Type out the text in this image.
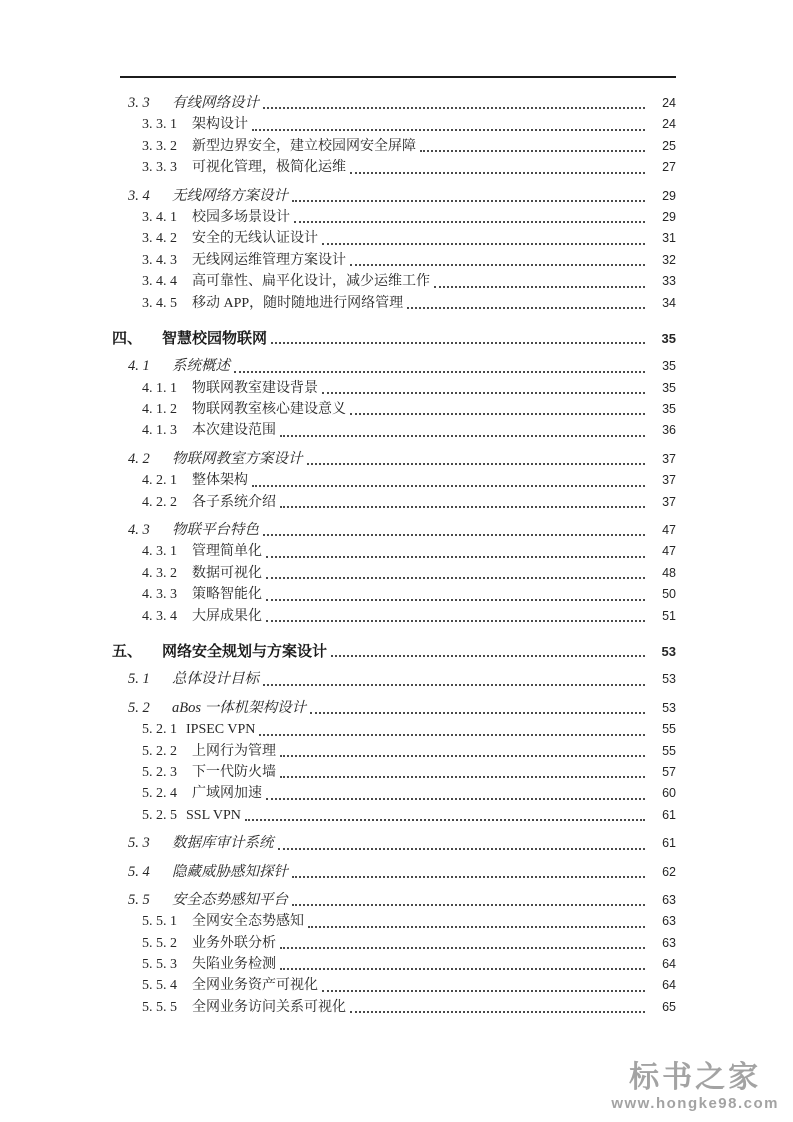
3. 3	有线网络设计	24
3. 3. 1	架构设计	24
3. 3. 2	新型边界安全，建立校园网安全屏障	25
3. 3. 3	可视化管理，极简化运维	27
3. 4	无线网络方案设计	29
3. 4. 1	校园多场景设计	29
3. 4. 2	安全的无线认证设计	31
3. 4. 3	无线网运维管理方案设计	32
3. 4. 4	高可靠性、扁平化设计，减少运维工作	33
3. 4. 5	移动 APP，随时随地进行网络管理	34
四、	智慧校园物联网	35
4. 1	系统概述	35
4. 1. 1	物联网教室建设背景	35
4. 1. 2	物联网教室核心建设意义	35
4. 1. 3	本次建设范围	36
4. 2	物联网教室方案设计	37
4. 2. 1	整体架构	37
4. 2. 2	各子系统介绍	37
4. 3	物联平台特色	47
4. 3. 1	管理简单化	47
4. 3. 2	数据可视化	48
4. 3. 3	策略智能化	50
4. 3. 4	大屏成果化	51
五、	网络安全规划与方案设计	53
5. 1	总体设计目标	53
5. 2	aBos 一体机架构设计	53
5. 2. 1 IPSEC VPN	55
5. 2. 2	上网行为管理	55
5. 2. 3	下一代防火墙	57
5. 2. 4	广域网加速	60
5. 2. 5 SSL VPN	61
5. 3	数据库审计系统	61
5. 4	隐藏威胁感知探针	62
5. 5	安全态势感知平台	63
5. 5. 1	全网安全态势感知	63
5. 5. 2	业务外联分析	63
5. 5. 3	失陷业务检测	64
5. 5. 4	全网业务资产可视化	64
5. 5. 5	全网业务访问关系可视化	65
标书之家
www.hongke98.com
